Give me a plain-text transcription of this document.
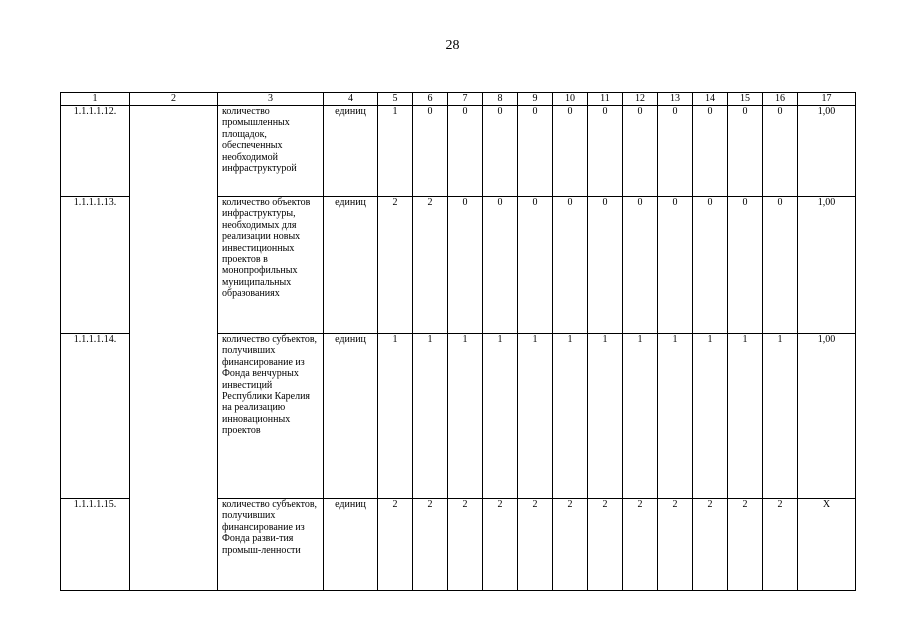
28
1	2	3	4	5	6	7	8	9	10	11	12	13	14	15	16	17
1.1.1.1.12.		количество промышленных площадок, обеспеченных необходимой инфраструктурой	единиц	1	0	0	0	0	0	0	0	0	0	0	0	1,00
1.1.1.1.13.		количество объектов инфраструктуры, необходимых для реализации новых инвестиционных проектов в монопрофильных муниципальных образованиях	единиц	2	2	0	0	0	0	0	0	0	0	0	0	1,00
1.1.1.1.14.		количество субъектов, получивших финансирование из Фонда венчурных инвестиций Республики Карелия на реализацию инновационных проектов	единиц	1	1	1	1	1	1	1	1	1	1	1	1	1,00
1.1.1.1.15.		количество субъектов, получивших финансирование из Фонда разви-тия промыш-ленности	единиц	2	2	2	2	2	2	2	2	2	2	2	2	Х
